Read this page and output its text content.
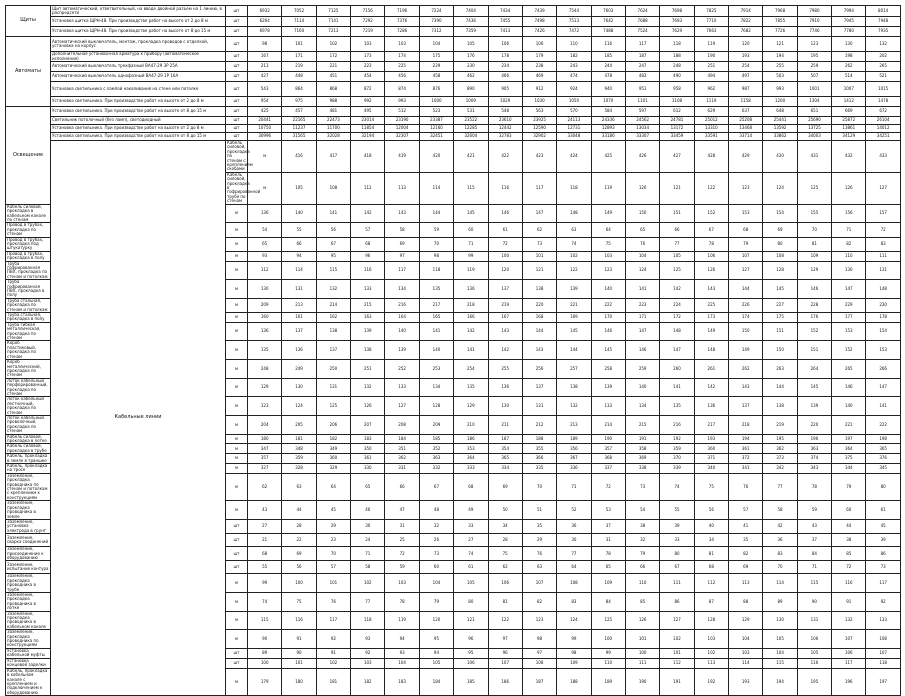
Щиты	Щит автоматический, ответвительный, на вводе двойной разъем на 1 линию, в распредсети	шт	6932	7052	7125	7156	7196	7224	7404	7434	7439	7544	7603	7624	7698	7825	7914	7968	7980	7994	8014	
	Установка щитка ЩРН-48. При производстве работ на высоте от 2 до 8 м	шт	6264	7114	7141	7292	7376	7390	7436	7455	7498	7513	7642	7688	7693	7710	7822	7855	7910	7945	7948	
	Установка щитка ЩРН-48. При производстве работ на высоте от 8 до 15 м	шт	6978	7160	7213	7219	7286	7312	7359	7413	7426	7472	7488	7524	7629	7663	7682	7726	7746	7780	7935	
Автоматы	Автоматический выключатель, монтаж, прокладка проводов с отделкой, установка на корпус	шт	98	101	102	103	103	104	105	106	106	110	116	117	118	119	120	121	123	130	132	
	Дополнительная установочная арматура к прибору (автоматическое исполнение)	шт	167	171	172	173	174	175	176	178	179	182	185	187	188	190	193	194	195	198	202	
	Автоматический выключатель трехфазный ВА47-29 3Р 25А	шт	213	219	221	223	225	229	230	234	238	243	244	247	248	251	254	255	259	262	265	
	Автоматический выключатель однофазный ВА47-29 1Р 16А	шт	427	448	451	454	456	458	462	466	469	474	478	483	490	494	497	503	507	514	521	
	Установка светильника с лампой накаливания на стене или потолке	шт	543	864	868	872	874	876	890	905	912	924	940	951	958	962	987	993	1001	1007	1015	
	Установка светильника. При производстве работ на высоте от 2 до 8 м	шт	954	975	988	992	993	1000	1009	1029	1030	1050	1070	1101	1108	1119	1158	1200	1304	1412	1478	
Освещение	Установка светильника. При производстве работ на высоте от 8 до 15 м	шт	425	457	481	495	512	523	531	548	563	570	584	597	612	629	637	648	651	669	672	
	Светильник потолочный (без ламп), светодиодный	шт	20441	22165	22473	23014	23190	23387	23522	23610	23925	24113	24336	24562	24781	25012	25208	25441	25690	25872	26104	
	Установка светильника. При производстве работ на высоте от 2 до 8 м	шт	10750	11237	11700	11854	12004	12160	12285	12442	12590	12731	12893	13034	13172	13310	13468	13592	13725	13861	14012	
	Установка светильника. При производстве работ на высоте от 8 до 15 м	шт	30996	31565	32028	32194	32307	32451	32604	32783	32902	33048	33186	33307	33459	33591	33714	33862	34003	34129	34251	
	Кабельные линии	Кабель силовой, прокладка по стенам с креплением скобами	м	416	417	418	419	420	421	422	423	424	425	426	427	428	429	430	431	432	433	
		Кабель силовой, прокладка в гофрированной трубе по стенам	м	105	108	112	113	114	115	116	117	118	119	120	121	122	123	124	125	126	127	
Кабель силовой, прокладка в кабельном канале по стенам		м	136	140	141	142	143	144	145	146	147	148	149	150	151	152	153	154	155	156	157	
Провод в трубах, прокладка по стенам		м	54	55	56	57	58	59	60	61	62	63	64	65	66	67	68	69	70	71	72	
Провод в трубах, прокладка под штукатурку		м	65	66	67	68	69	70	71	72	73	74	75	76	77	78	79	80	81	82	83	
Провод в трубах, прокладка в полу		м	93	94	95	96	97	98	99	100	101	102	103	104	105	106	107	108	109	110	111	
Труба гофрированная ПВХ, прокладка по стенам и потолкам		м	112	114	115	116	117	118	119	120	121	122	123	124	125	126	127	128	129	130	131	
Труба гофрированная ПВХ, прокладка в полу		м	130	131	132	133	134	135	136	137	138	139	140	141	142	143	144	145	146	147	148	
Труба стальная, прокладка по стенам и потолкам		м	209	213	214	215	216	217	218	219	220	221	222	223	224	225	226	227	228	229	230	
Труба стальная, прокладка в полу		м	160	161	162	163	164	165	166	167	168	169	170	171	172	173	174	175	176	177	178	
Труба гибкая металлическая, прокладка по стенам		м	136	137	138	139	140	141	142	143	144	145	146	147	148	149	150	151	152	153	154	
Короб пластиковый, прокладка по стенам		м	135	136	137	138	139	140	141	142	143	144	145	146	147	148	149	150	151	152	153	
Короб металлический, прокладка по стенам		м	248	249	250	251	252	253	254	255	256	257	258	259	260	261	262	263	264	265	266	
Лоток кабельный перфорированный, прокладка по стенам		м	129	130	131	132	133	134	135	136	137	138	139	140	141	142	143	144	145	146	147	
Лоток кабельный лестничный, прокладка по стенам		м	123	124	125	126	127	128	129	130	131	132	133	134	135	136	137	138	139	140	141	
Лоток кабельный проволочный, прокладка по стенам		м	204	205	206	207	208	209	210	211	212	213	214	215	216	217	218	219	220	221	222	
Кабель силовой, прокладка в лотке		м	180	181	182	183	184	185	186	187	188	189	190	191	192	193	194	195	196	197	198	
Кабель силовой, прокладка в трубе		м	347	348	349	350	351	352	353	354	355	356	357	358	359	360	361	362	363	364	365	
Кабель, прокладка в земле в траншее		м	357	359	360	361	362	363	364	365	366	367	368	369	370	371	372	373	374	375	376	
Кабель, прокладка на тросе		м	327	328	329	330	331	332	333	334	335	336	337	338	339	340	341	342	343	344	345	
Заземление, прокладка проводника по стенам и потолкам с креплением к конструкциям		м	62	63	64	65	66	67	68	69	70	71	72	73	74	75	76	77	78	79	80	
Заземление, прокладка проводника в земле		м	43	44	45	46	47	48	49	50	51	52	53	54	55	56	57	58	59	60	61	
Заземление, установка электрода в грунт		шт	27	28	29	30	31	32	33	34	35	36	37	38	39	40	41	42	43	44	45	
Заземление, сварка соединений		шт	21	22	23	24	25	26	27	28	29	30	31	32	33	34	35	36	37	38	39	
Заземление, присоединение к оборудованию		шт	68	69	70	71	72	73	74	75	76	77	78	79	80	81	82	83	84	85	86	
Заземление, испытание контура		шт	55	56	57	58	59	60	61	62	63	64	65	66	67	68	69	70	71	72	73	
Заземление, прокладка проводника в трубе		м	99	100	101	102	103	104	105	106	107	108	109	110	111	112	113	114	115	116	117	
Заземление, прокладка проводника в лотке		м	74	75	76	77	78	79	80	81	82	83	84	85	86	87	88	89	90	91	92	
Заземление, прокладка проводника в кабельном канале		м	115	116	117	118	119	120	121	122	123	124	125	126	127	128	129	130	131	132	133	
Заземление, прокладка проводника по конструкциям		м	90	91	92	93	94	95	96	97	98	99	100	101	102	103	104	105	106	107	108	
Установка кабельной муфты		шт	89	90	91	92	93	94	95	96	97	98	99	100	101	102	103	104	105	106	107	
Установка концевой заделки		шт	100	101	102	103	104	105	106	107	108	109	110	111	112	113	114	115	116	117	118	
Кабель, прокладка в кабельном канале с креплением и подключением к оборудованию		м	179	180	181	182	183	184	185	186	187	188	189	190	191	192	193	194	195	196	197	
